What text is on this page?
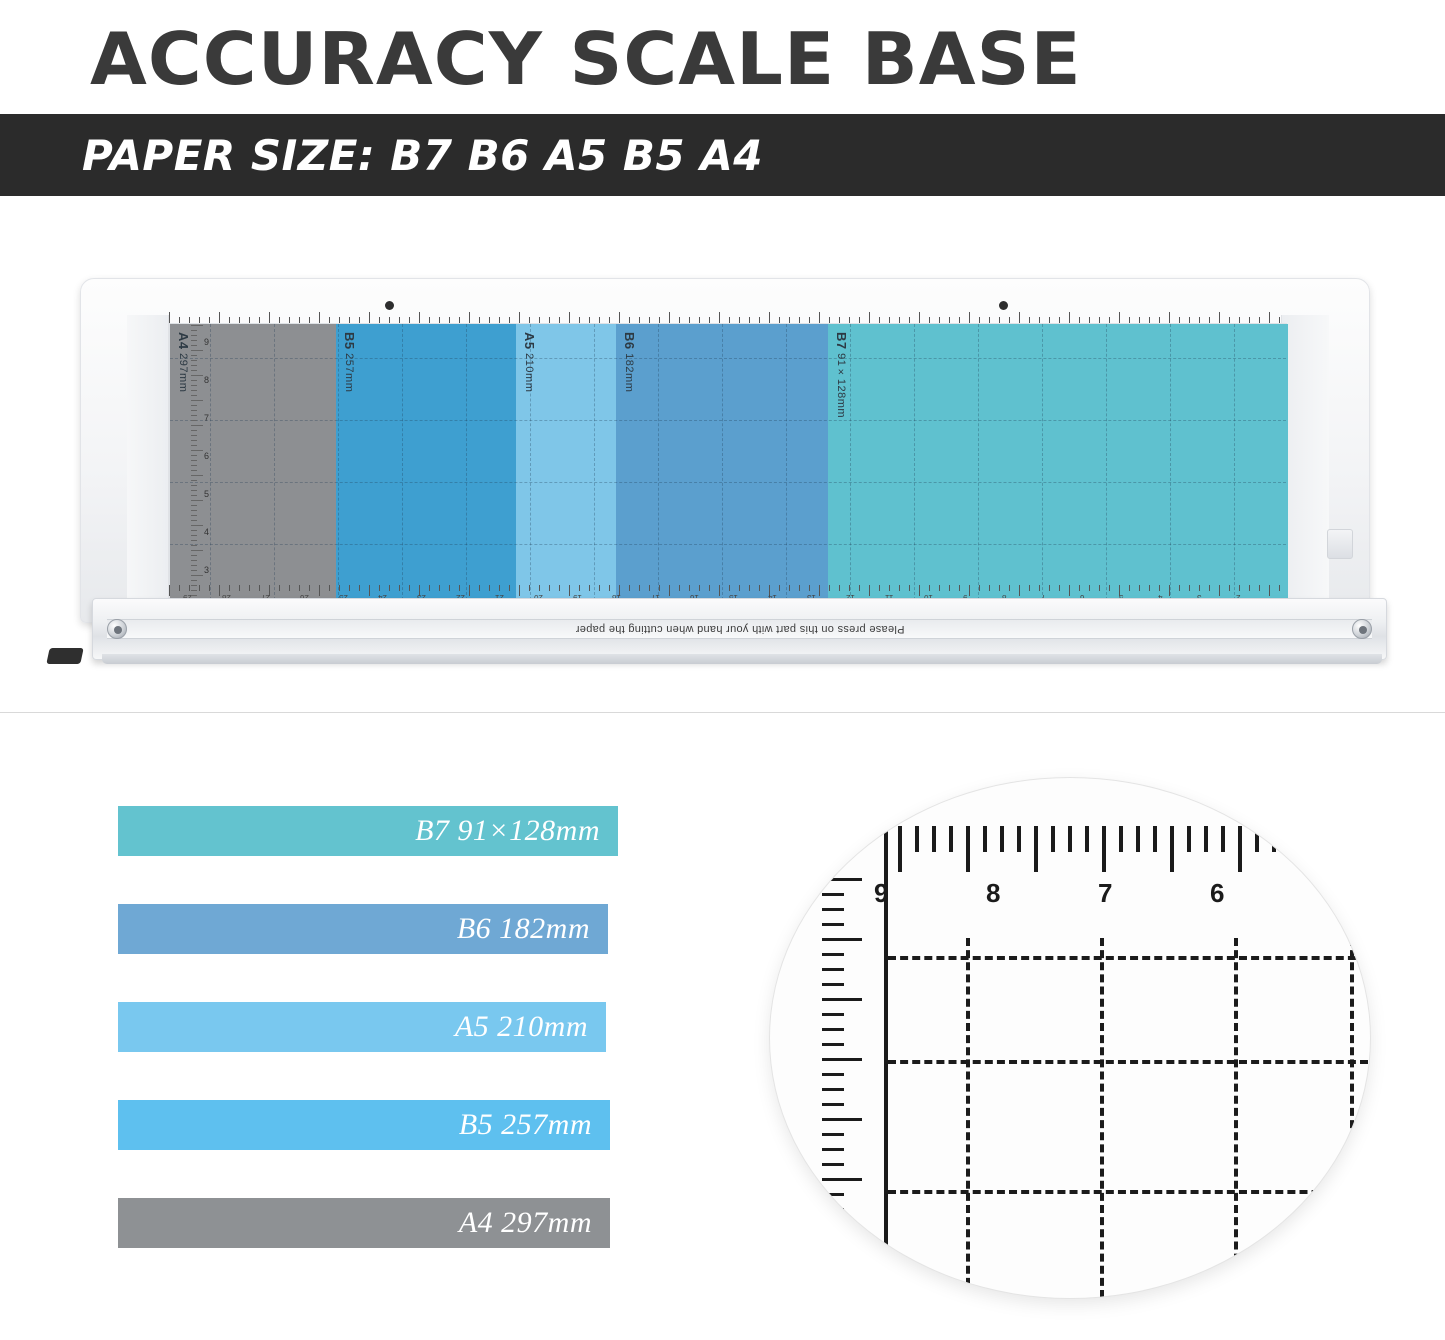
ACCURACY SCALE BASE
PAPER SIZE: B7 B6 A5 B5 A4
A4 297mm
B5 257mm
A5 210mm
B6 182mm
B7 91×128mm
9
8
7
6
5
4
3
Please press on this part with your hand when cutting the paper
B7 91×128mm
B6 182mm
A5 210mm
B5 257mm
A4 297mm
9	8	7	6
